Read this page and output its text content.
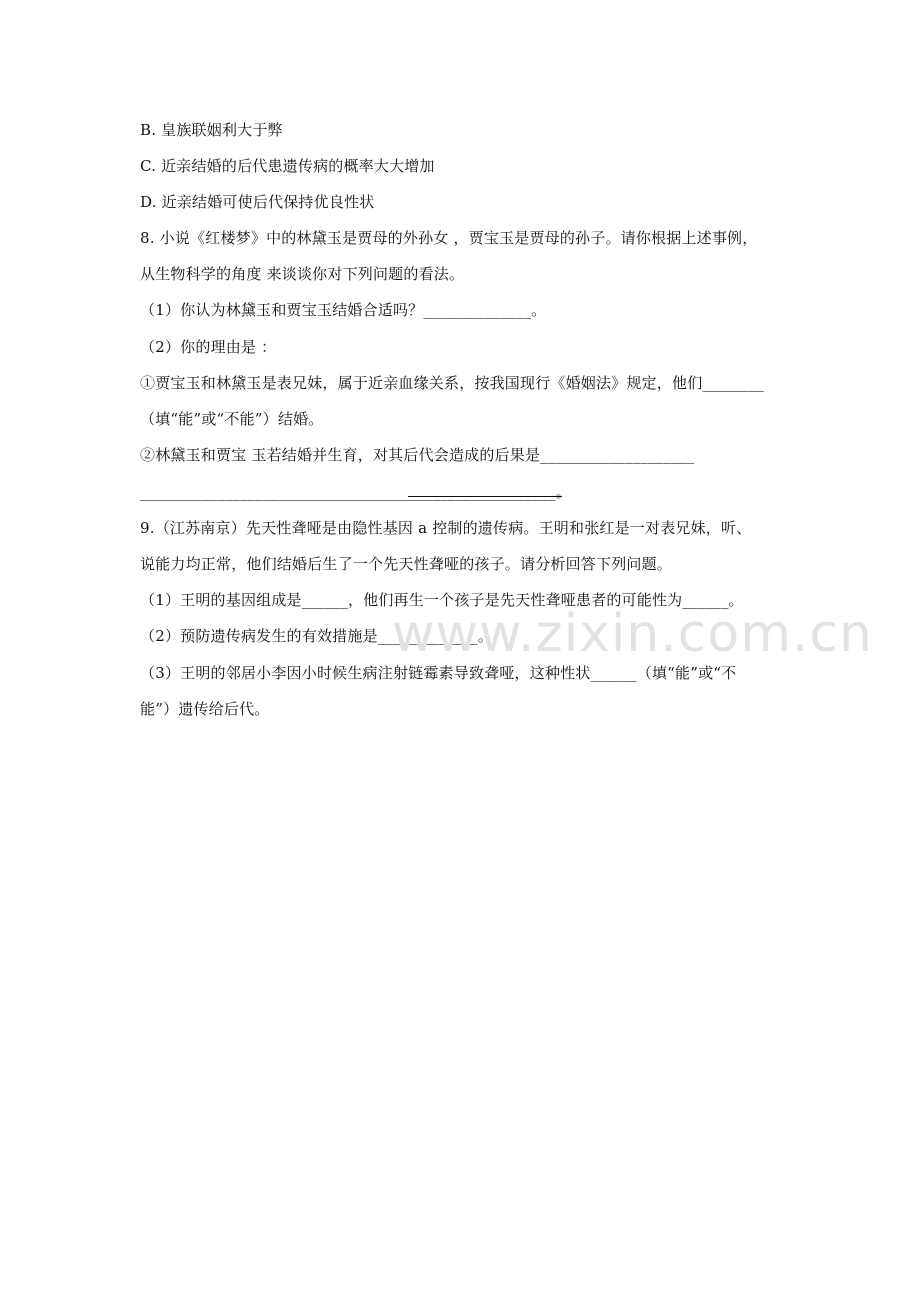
B. 皇族联姻利大于弊
C. 近亲结婚的后代患遗传病的概率大大增加
D. 近亲结婚可使后代保持优良性状
8. 小说《红楼梦》中的林黛玉是贾母的外孙女 ，贾宝玉是贾母的孙子。请你根据上述事例，
从生物科学的角度 来谈谈你对下列问题的看法。
（1）你认为林黛玉和贾宝玉结婚合适吗？______________。
（2）你的理由是 ：
①贾宝玉和林黛玉是表兄妹，属于近亲血缘关系，按我国现行《婚姻法》规定，他们________
（填“能”或“不能”）结婚。
②林黛玉和贾宝 玉若结婚并生育，对其后代会造成的后果是____________________
______________________________________________________。
9.（江苏南京）先天性聋哑是由隐性基因 a 控制的遗传病。王明和张红是一对表兄妹，听、
说能力均正常，他们结婚后生了一个先天性聋哑的孩子。请分析回答下列问题。
（1）王明的基因组成是______，他们再生一个孩子是先天性聋哑患者的可能性为______。
（2）预防遗传病发生的有效措施是_____________。
（3）王明的邻居小李因小时候生病注射链霉素导致聋哑，这种性状______（填“能”或“不
能”）遗传给后代。
www.zixin.com.cn
